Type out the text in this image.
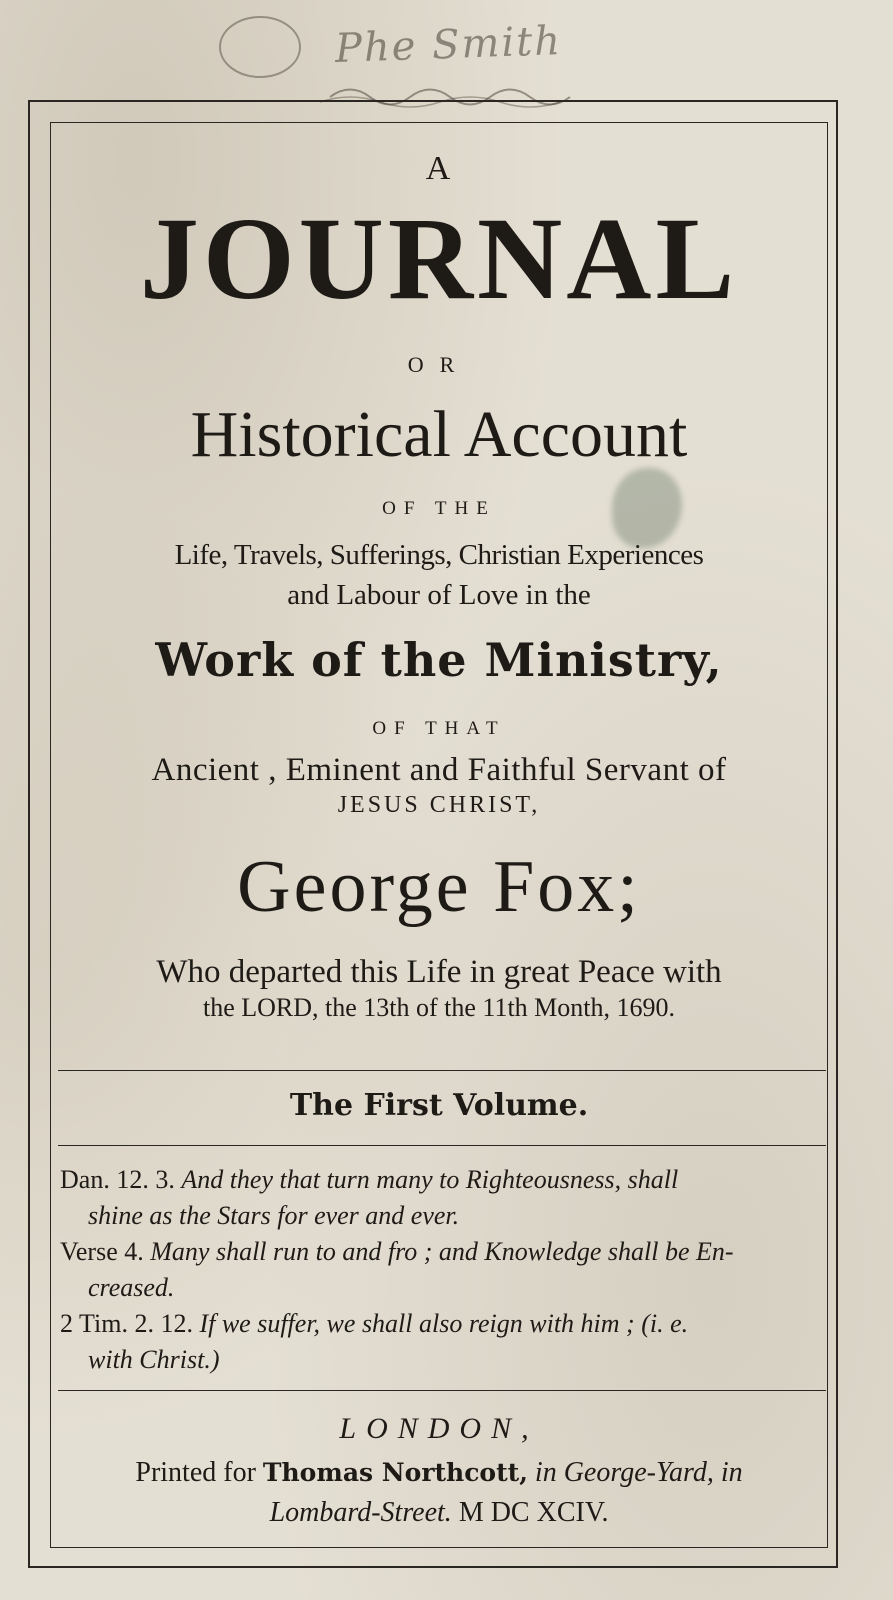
Phe Smith
A
JOURNAL
OR
Historical Account
OF THE
Life, Travels, Sufferings, Christian Experiences
and Labour of Love in the
Work of the Ministry,
OF THAT
Ancient , Eminent and Faithful Servant of
JESUS CHRIST,
George Fox;
Who departed this Life in great Peace with
the LORD, the 13th of the 11th Month, 1690.
The First Volume.
Dan. 12. 3. And they that turn many to Righteousness, shall
shine as the Stars for ever and ever.
Verse 4. Many shall run to and fro ; and Knowledge shall be En-
creased.
2 Tim. 2. 12. If we suffer, we shall also reign with him ; (i. e.
with Christ.)
LONDON,
Printed for Thomas Northcott, in George-Yard, in
Lombard-Street. M DC XCIV.
